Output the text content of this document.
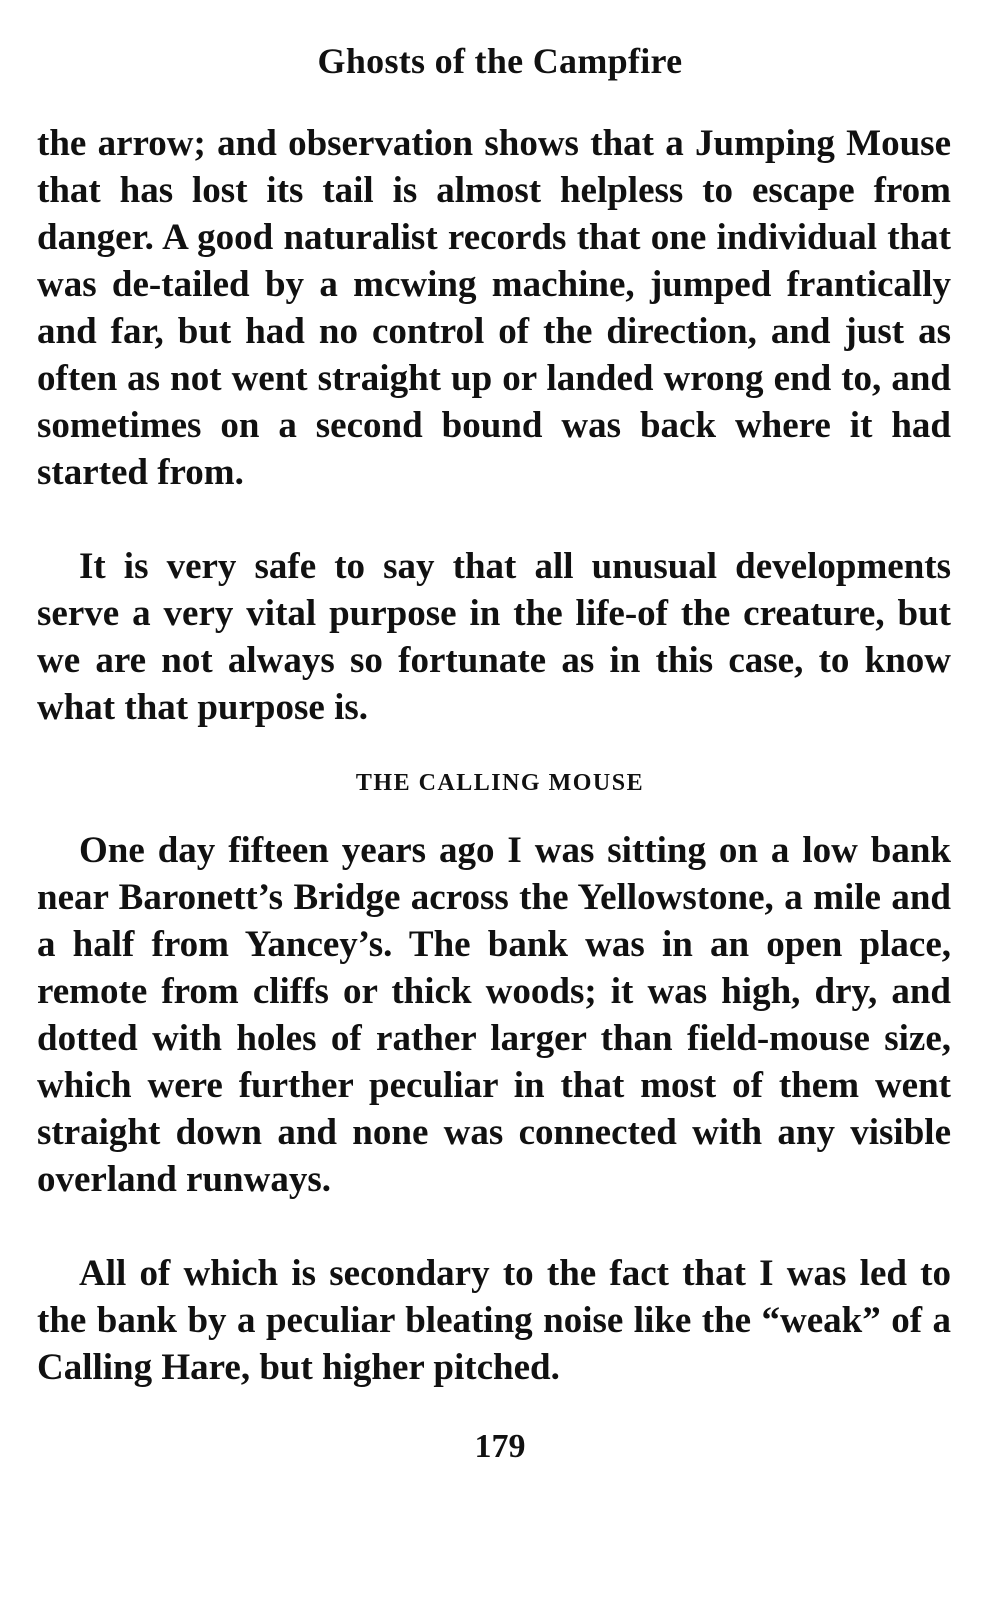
Ghosts of the Campfire

the arrow; and observation shows that a Jumping Mouse that has lost its tail is almost helpless to escape from danger. A good naturalist records that one individual that was de-tailed by a mcwing machine, jumped frantically and far, but had no control of the direction, and just as often as not went straight up or landed wrong end to, and sometimes on a second bound was back where it had started from.

It is very safe to say that all unusual developments serve a very vital purpose in the life-of the creature, but we are not always so fortunate as in this case, to know what that purpose is.

THE CALLING MOUSE

One day fifteen years ago I was sitting on a low bank near Baronett’s Bridge across the Yellowstone, a mile and a half from Yancey’s. The bank was in an open place, remote from cliffs or thick woods; it was high, dry, and dotted with holes of rather larger than field-mouse size, which were further peculiar in that most of them went straight down and none was connected with any visible overland runways.

All of which is secondary to the fact that I was led to the bank by a peculiar bleating noise like the “weak” of a Calling Hare, but higher pitched.

179
